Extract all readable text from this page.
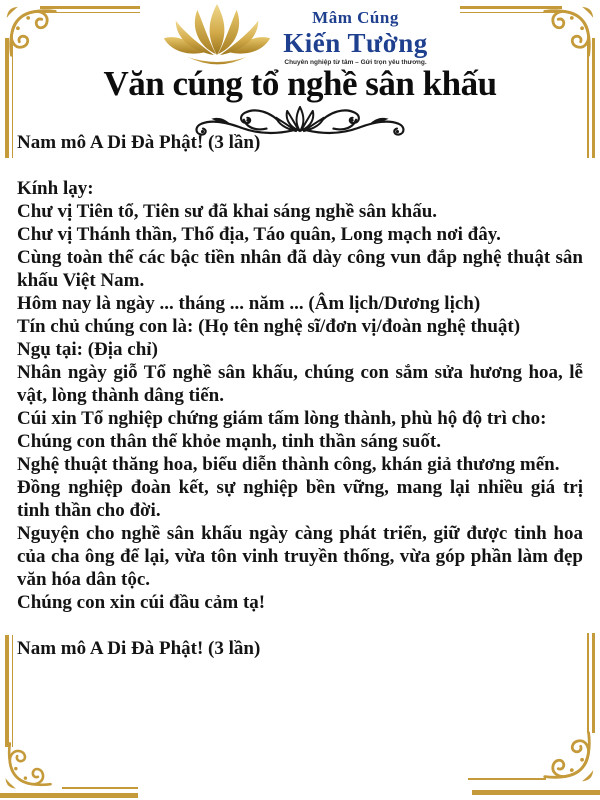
Mâm Cúng
Kiến Tường
Chuyên nghiệp từ tâm – Gửi trọn yêu thương.
Văn cúng tổ nghề sân khấu

Nam mô A Di Đà Phật! (3 lần)

Kính lạy:

Chư vị Tiên tổ, Tiên sư đã khai sáng nghề sân khấu.

Chư vị Thánh thần, Thổ địa, Táo quân, Long mạch nơi đây.

Cùng toàn thể các bậc tiền nhân đã dày công vun đắp nghệ thuật sân khấu Việt Nam.

Hôm nay là ngày ... tháng ... năm ... (Âm lịch/Dương lịch)

Tín chủ chúng con là: (Họ tên nghệ sĩ/đơn vị/đoàn nghệ thuật)

Ngụ tại: (Địa chỉ)

Nhân ngày giỗ Tổ nghề sân khấu, chúng con sắm sửa hương hoa, lễ vật, lòng thành dâng tiến.

Cúi xin Tổ nghiệp chứng giám tấm lòng thành, phù hộ độ trì cho:

Chúng con thân thể khỏe mạnh, tinh thần sáng suốt.

Nghệ thuật thăng hoa, biểu diễn thành công, khán giả thương mến.

Đồng nghiệp đoàn kết, sự nghiệp bền vững, mang lại nhiều giá trị tinh thần cho đời.

Nguyện cho nghề sân khấu ngày càng phát triển, giữ được tinh hoa của cha ông để lại, vừa tôn vinh truyền thống, vừa góp phần làm đẹp văn hóa dân tộc.

Chúng con xin cúi đầu cảm tạ!

Nam mô A Di Đà Phật! (3 lần)
